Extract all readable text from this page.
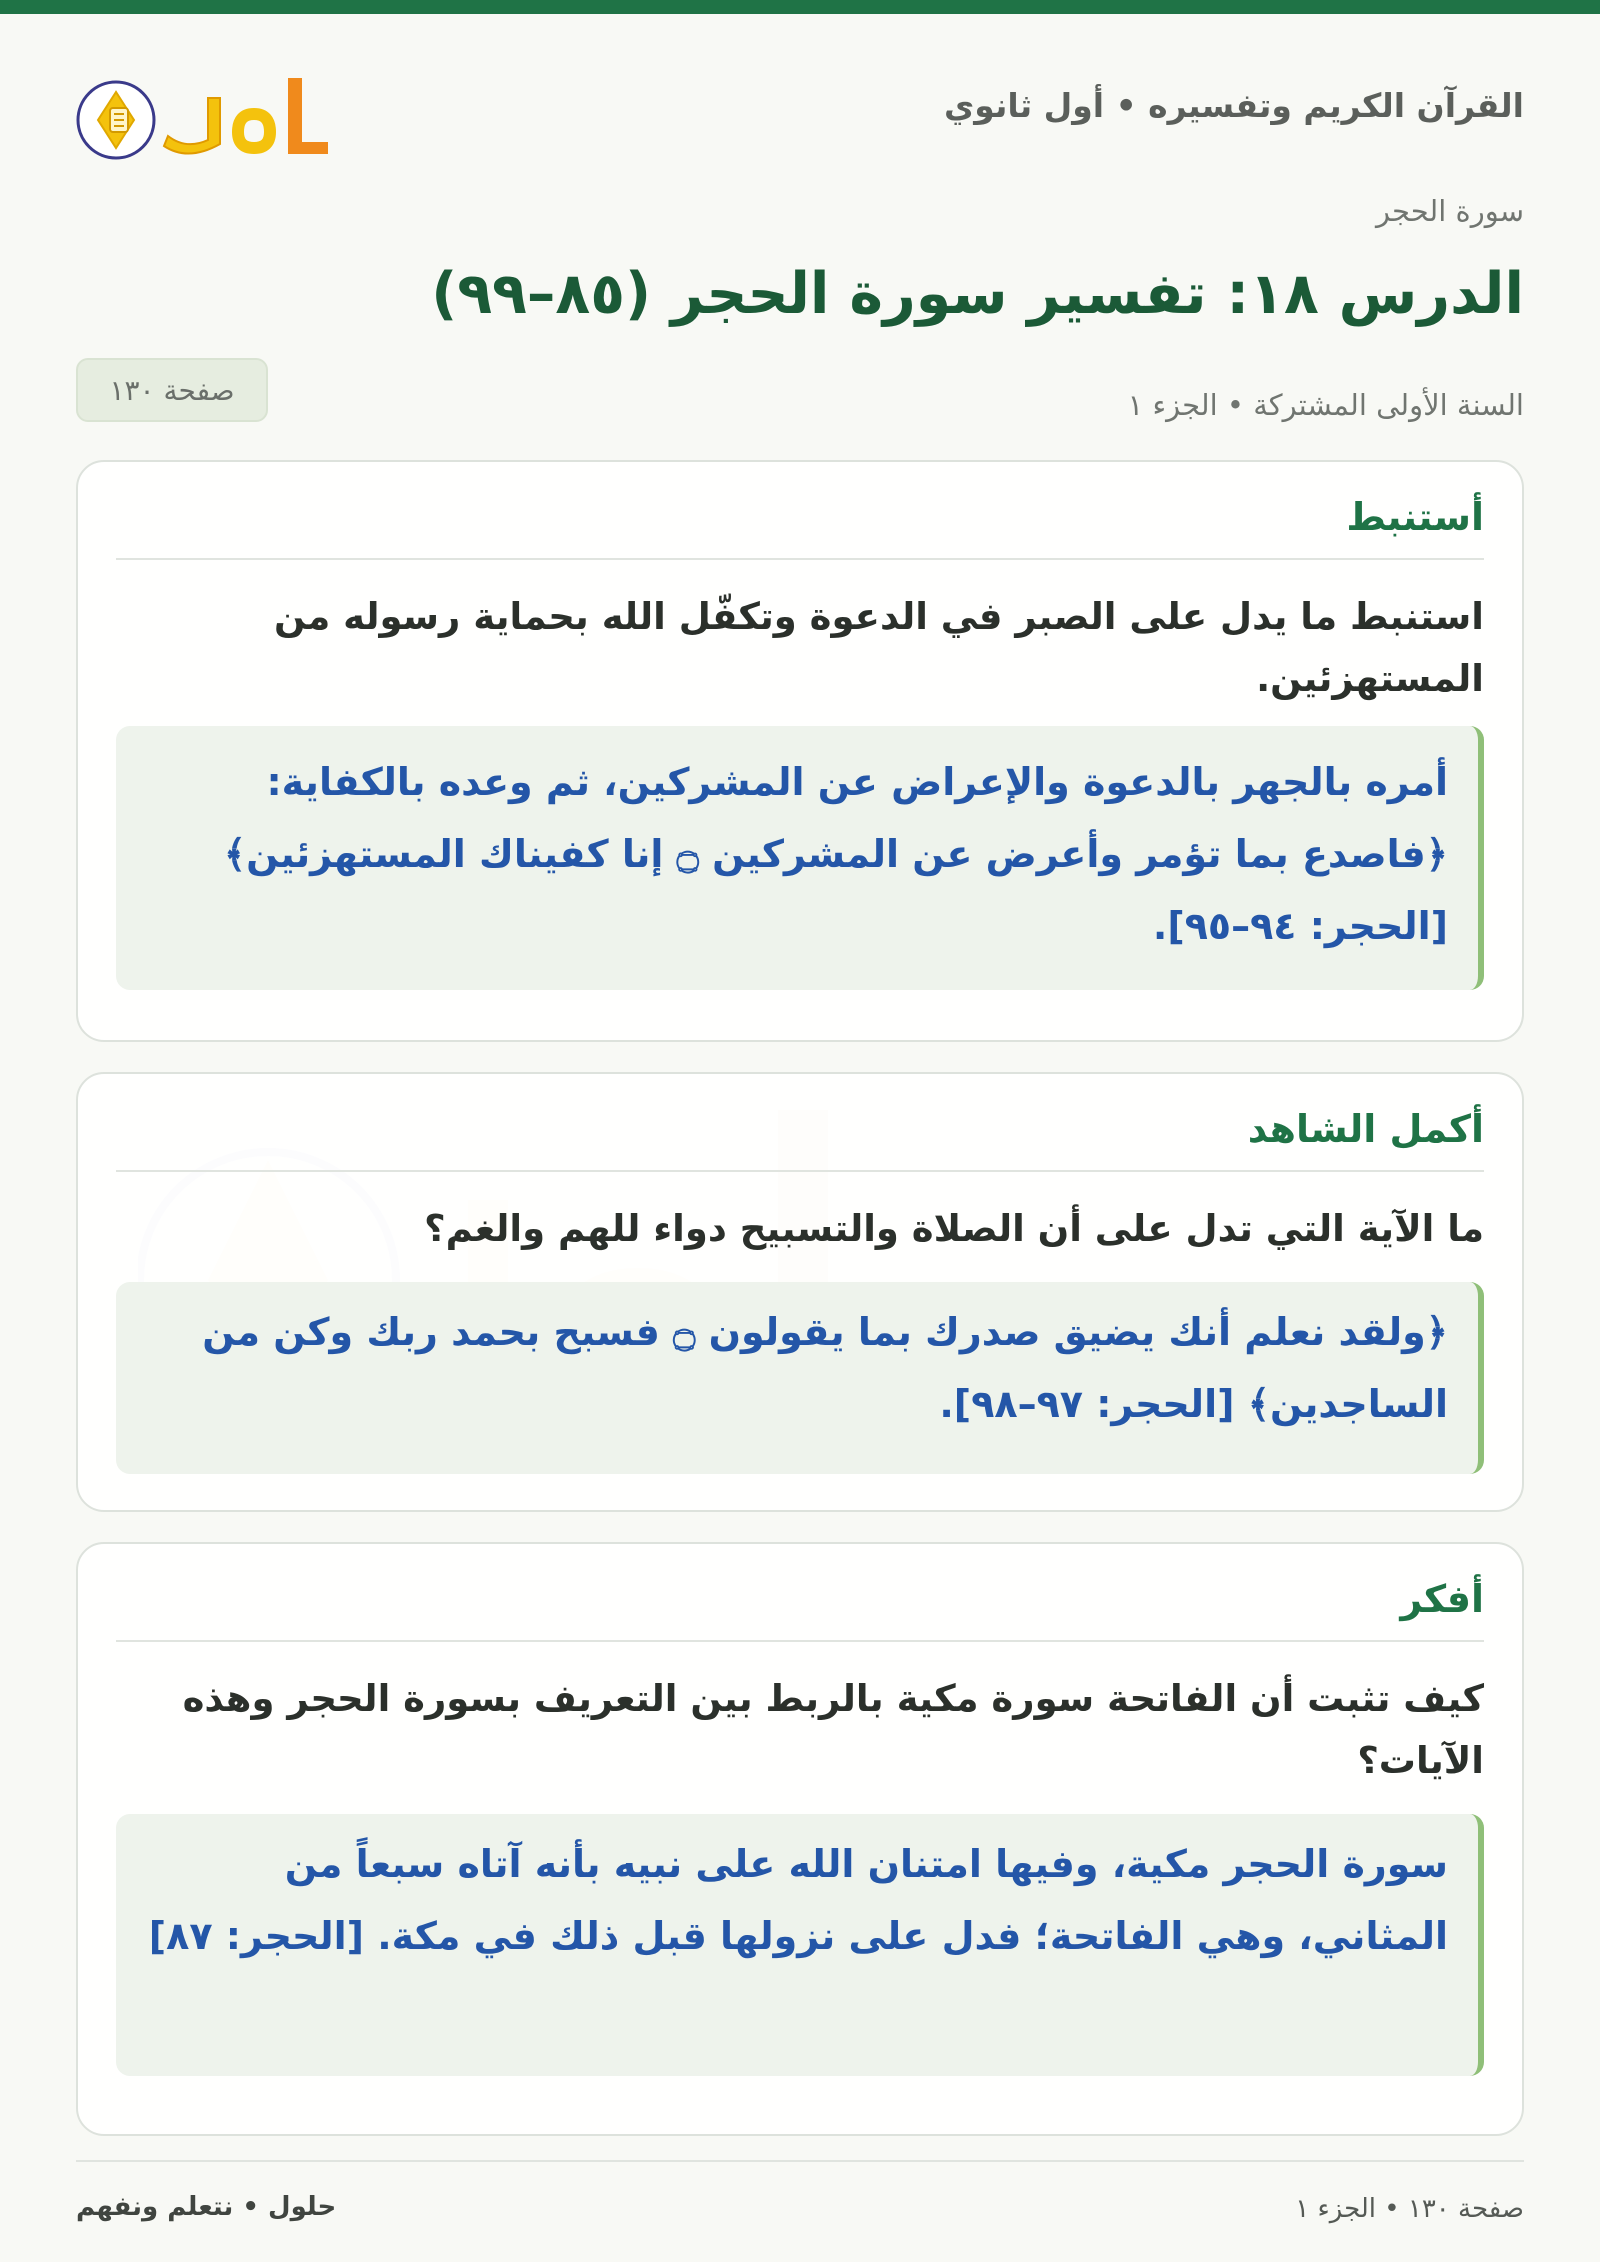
القرآن الكريم وتفسيره • أول ثانوي

سورة الحجر

الدرس ١٨: تفسير سورة الحجر (٨٥–٩٩)

السنة الأولى المشتركة • الجزء ١

صفحة ١٣٠
أستنبط

استنبط ما يدل على الصبر في الدعوة وتكفّل الله بحماية رسوله من المستهزئين.

أمره بالجهر بالدعوة والإعراض عن المشركين، ثم وعده بالكفاية: ﴿فاصدع بما تؤمر وأعرض عن المشركين ۝ إنا كفيناك المستهزئين﴾ [الحجر: ٩٤–٩٥].

أكمل الشاهد

ما الآية التي تدل على أن الصلاة والتسبيح دواء للهم والغم؟

﴿ولقد نعلم أنك يضيق صدرك بما يقولون ۝ فسبح بحمد ربك وكن من الساجدين﴾ [الحجر: ٩٧–٩٨].

أفكر

كيف تثبت أن الفاتحة سورة مكية بالربط بين التعريف بسورة الحجر وهذه الآيات؟

سورة الحجر مكية، وفيها امتنان الله على نبيه بأنه آتاه سبعاً من المثاني، وهي الفاتحة؛ فدل على نزولها قبل ذلك في مكة. [الحجر: ٨٧]

صفحة ١٣٠ • الجزء ١

حلول • نتعلم ونفهم
